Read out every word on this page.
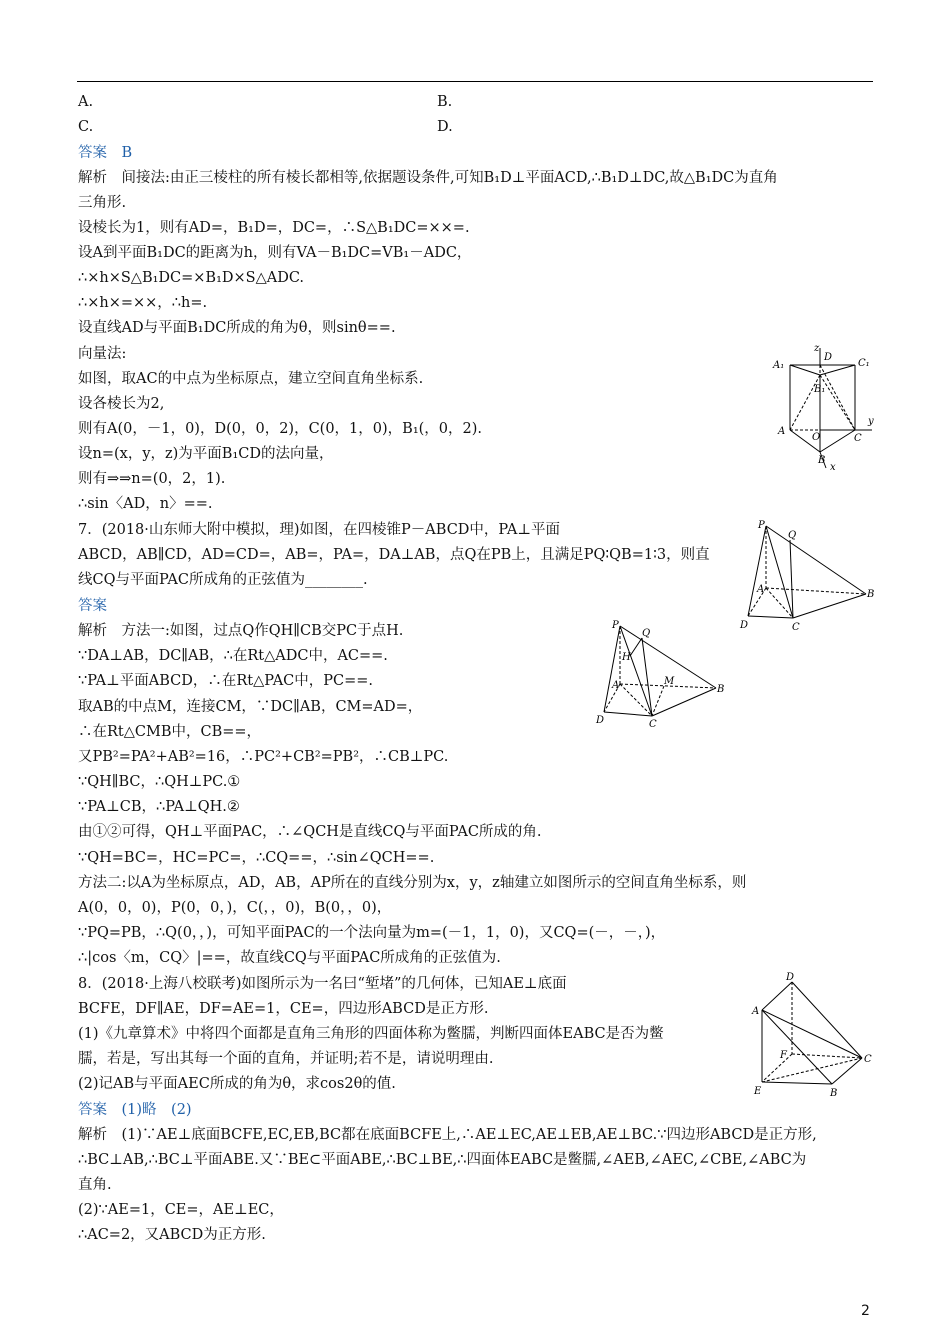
A.	B.
C.	D.
答案　B
解析　间接法:由正三棱柱的所有棱长都相等,依据题设条件,可知B₁D⊥平面ACD,∴B₁D⊥DC,故△B₁DC为直角
三角形.
设棱长为1，则有AD=，B₁D=，DC=，∴S△B₁DC=××=.
设A到平面B₁DC的距离为h，则有VA－B₁DC=VB₁－ADC，
∴×h×S△B₁DC=×B₁D×S△ADC.
∴×h×=××，∴h=.
设直线AD与平面B₁DC所成的角为θ，则sinθ==.
向量法:
如图，取AC的中点为坐标原点，建立空间直角坐标系.
设各棱长为2,
则有A(0，－1，0)，D(0，0，2)，C(0，1，0)，B₁(，0，2).
设n=(x，y，z)为平面B₁CD的法向量，
则有⇒⇒n=(0，2，1).
∴sin〈AD，n〉==.
7．(2018·山东师大附中模拟，理)如图，在四棱锥P－ABCD中，PA⊥平面
ABCD，AB∥CD，AD=CD=，AB=，PA=，DA⊥AB，点Q在PB上，且满足PQ∶QB=1∶3，则直
线CQ与平面PAC所成角的正弦值为________.
答案
解析　方法一:如图，过点Q作QH∥CB交PC于点H.
∵DA⊥AB，DC∥AB，∴在Rt△ADC中，AC==.
∵PA⊥平面ABCD，∴在Rt△PAC中，PC==.
取AB的中点M，连接CM，∵DC∥AB，CM=AD=，
∴在Rt△CMB中，CB==，
又PB²=PA²+AB²=16，∴PC²+CB²=PB²，∴CB⊥PC.
∵QH∥BC，∴QH⊥PC.①
∵PA⊥CB，∴PA⊥QH.②
由①②可得，QH⊥平面PAC，∴∠QCH是直线CQ与平面PAC所成的角.
∵QH=BC=，HC=PC=，∴CQ==，∴sin∠QCH==.
方法二:以A为坐标原点，AD，AB，AP所在的直线分别为x，y，z轴建立如图所示的空间直角坐标系，则
A(0，0，0)，P(0，0，)，C(，，0)，B(0，，0)，
∵PQ=PB，∴Q(0，，)，可知平面PAC的一个法向量为m=(－1，1，0)，又CQ=(－，－，)，
∴|cos〈m，CQ〉|==，故直线CQ与平面PAC所成角的正弦值为.
8．(2018·上海八校联考)如图所示为一名曰“堑堵”的几何体，已知AE⊥底面
BCFE，DF∥AE，DF=AE=1，CE=，四边形ABCD是正方形.
(1)《九章算术》中将四个面都是直角三角形的四面体称为鳖臑，判断四面体EABC是否为鳖
臑，若是，写出其每一个面的直角，并证明;若不是，请说明理由.
(2)记AB与平面AEC所成的角为θ，求cos2θ的值.
答案　(1)略　(2)
解析　(1)∵AE⊥底面BCFE,EC,EB,BC都在底面BCFE上,∴AE⊥EC,AE⊥EB,AE⊥BC.∵四边形ABCD是正方形,
∴BC⊥AB,∴BC⊥平面ABE.又∵BE⊂平面ABE,∴BC⊥BE,∴四面体EABC是鳖臑,∠AEB,∠AEC,∠CBE,∠ABC为
直角.
(2)∵AE=1，CE=，AE⊥EC，
∴AC=2，又ABCD为正方形.
A₁
D
C₁
z
B₁
A
O	C
y
B
x
P
Q
A
D	C
B
P
Q
H
A	M
D	C
B
D
A
F	C
E	B
2
